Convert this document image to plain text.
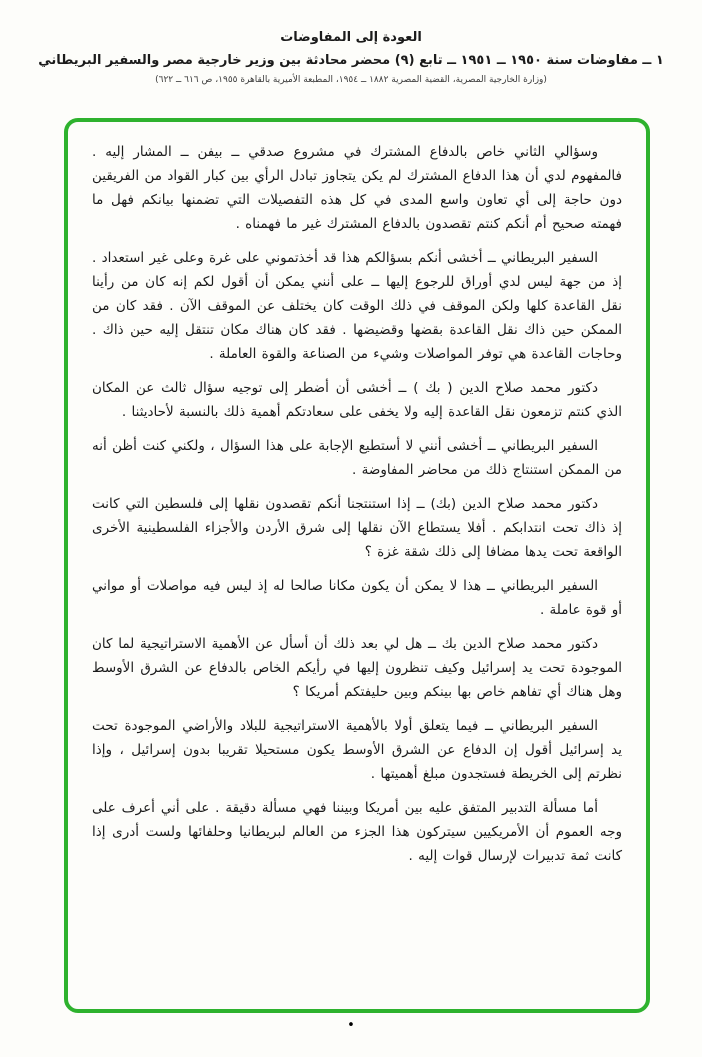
العودة إلى المفاوضات
١ ــ مفاوضات سنة ١٩٥٠ ــ ١٩٥١ ــ تابع (٩) محضر محادثة بين وزير خارجية مصر والسفير البريطاني
(وزارة الخارجية المصرية، القضية المصرية ١٨٨٢ ــ ١٩٥٤، المطبعة الأميرية بالقاهرة ١٩٥٥، ص ٦١٦ ــ ٦٢٢)

وسؤالي الثاني خاص بالدفاع المشترك في مشروع صدقي ــ بيفن ــ المشار إليه . فالمفهوم لدي أن هذا الدفاع المشترك لم يكن يتجاوز تبادل الرأي بين كبار القواد من الفريقين دون حاجة إلى أي تعاون واسع المدى في كل هذه التفصيلات التي تضمنها بيانكم فهل ما فهمته صحيح أم أنكم كنتم تقصدون بالدفاع المشترك غير ما فهمناه .

السفير البريطاني ــ أخشى أنكم بسؤالكم هذا قد أخذتموني على غرة وعلى غير استعداد . إذ من جهة ليس لدي أوراق للرجوع إليها ــ على أنني يمكن أن أقول لكم إنه كان من رأينا نقل القاعدة كلها ولكن الموقف في ذلك الوقت كان يختلف عن الموقف الآن . فقد كان من الممكن حين ذاك نقل القاعدة بقضها وقضيضها . فقد كان هناك مكان تنتقل إليه حين ذاك . وحاجات القاعدة هي توفر المواصلات وشيء من الصناعة والقوة العاملة .

دكتور محمد صلاح الدين ( بك ) ــ أخشى أن أضطر إلى توجيه سؤال ثالث عن المكان الذي كنتم تزمعون نقل القاعدة إليه ولا يخفى على سعادتكم أهمية ذلك بالنسبة لأحاديثنا .

السفير البريطاني ــ أخشى أنني لا أستطيع الإجابة على هذا السؤال ، ولكني كنت أظن أنه من الممكن استنتاج ذلك من محاضر المفاوضة .

دكتور محمد صلاح الدين (بك) ــ إذا استنتجنا أنكم تقصدون نقلها إلى فلسطين التي كانت إذ ذاك تحت انتدابكم . أفلا يستطاع الآن نقلها إلى شرق الأردن والأجزاء الفلسطينية الأخرى الواقعة تحت يدها مضافا إلى ذلك شقة غزة ؟

السفير البريطاني ــ هذا لا يمكن أن يكون مكانا صالحا له إذ ليس فيه مواصلات أو مواني أو قوة عاملة .

دكتور محمد صلاح الدين بك ــ هل لي بعد ذلك أن أسأل عن الأهمية الاستراتيجية لما كان الموجودة تحت يد إسرائيل وكيف تنظرون إليها في رأيكم الخاص بالدفاع عن الشرق الأوسط وهل هناك أي تفاهم خاص بها بينكم وبين حليفتكم أمريكا ؟

السفير البريطاني ــ فيما يتعلق أولا بالأهمية الاستراتيجية للبلاد والأراضي الموجودة تحت يد إسرائيل أقول إن الدفاع عن الشرق الأوسط يكون مستحيلا تقريبا بدون إسرائيل ، وإذا نظرتم إلى الخريطة فستجدون مبلغ أهميتها .

أما مسألة التدبير المتفق عليه بين أمريكا وبيننا فهي مسألة دقيقة . على أني أعرف على وجه العموم أن الأمريكيين سيتركون هذا الجزء من العالم لبريطانيا وحلفائها ولست أدرى إذا كانت ثمة تدبيرات لإرسال قوات إليه .

•
